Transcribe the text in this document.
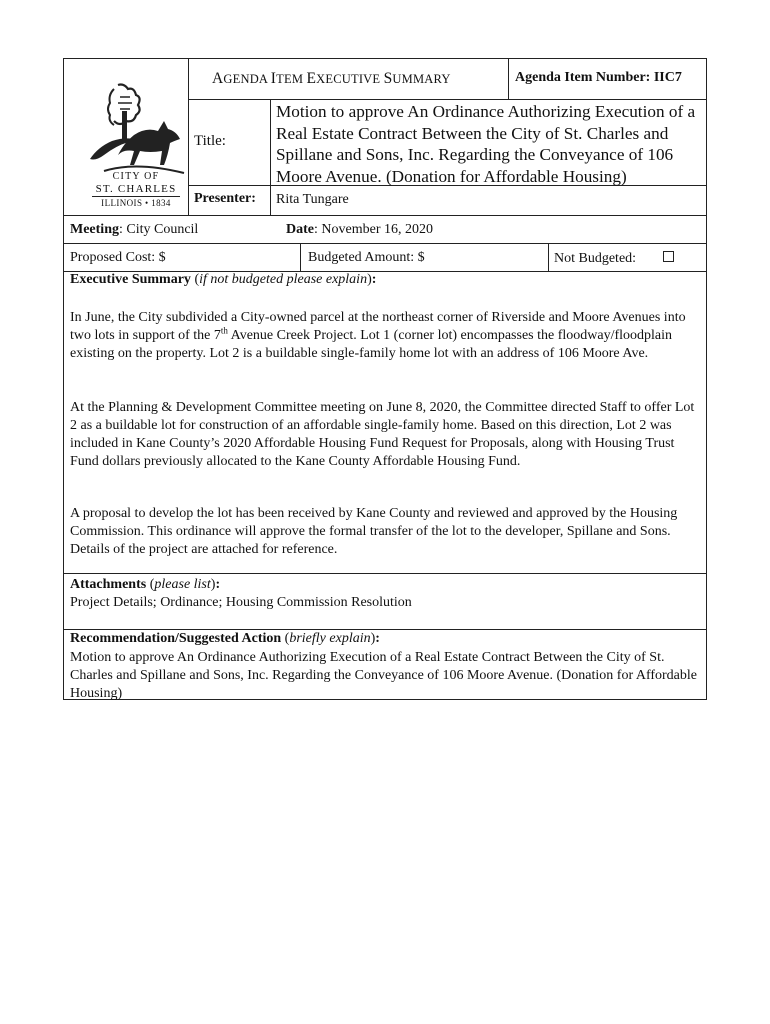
CITY OF
ST. CHARLES
ILLINOIS • 1834
AGENDA ITEM EXECUTIVE SUMMARY	Agenda Item Number: IIC7
Title:
Motion to approve An Ordinance Authorizing Execution of a Real Estate Contract Between the City of St. Charles and Spillane and Sons, Inc. Regarding the Conveyance of 106 Moore Avenue. (Donation for Affordable Housing)
Presenter: Rita Tungare
Meeting: City Council	Date: November 16, 2020
Proposed Cost: $	Budgeted Amount: $	Not Budgeted:
Executive Summary (if not budgeted please explain):
In June, the City subdivided a City-owned parcel at the northeast corner of Riverside and Moore Avenues into two lots in support of the 7th Avenue Creek Project. Lot 1 (corner lot) encompasses the floodway/floodplain existing on the property. Lot 2 is a buildable single-family home lot with an address of 106 Moore Ave.
At the Planning & Development Committee meeting on June 8, 2020, the Committee directed Staff to offer Lot 2 as a buildable lot for construction of an affordable single-family home. Based on this direction, Lot 2 was included in Kane County’s 2020 Affordable Housing Fund Request for Proposals, along with Housing Trust Fund dollars previously allocated to the Kane County Affordable Housing Fund.
A proposal to develop the lot has been received by Kane County and reviewed and approved by the Housing Commission. This ordinance will approve the formal transfer of the lot to the developer, Spillane and Sons. Details of the project are attached for reference.
Attachments (please list):
Project Details; Ordinance; Housing Commission Resolution
Recommendation/Suggested Action (briefly explain):
Motion to approve An Ordinance Authorizing Execution of a Real Estate Contract Between the City of St. Charles and Spillane and Sons, Inc. Regarding the Conveyance of 106 Moore Avenue. (Donation for Affordable Housing)
